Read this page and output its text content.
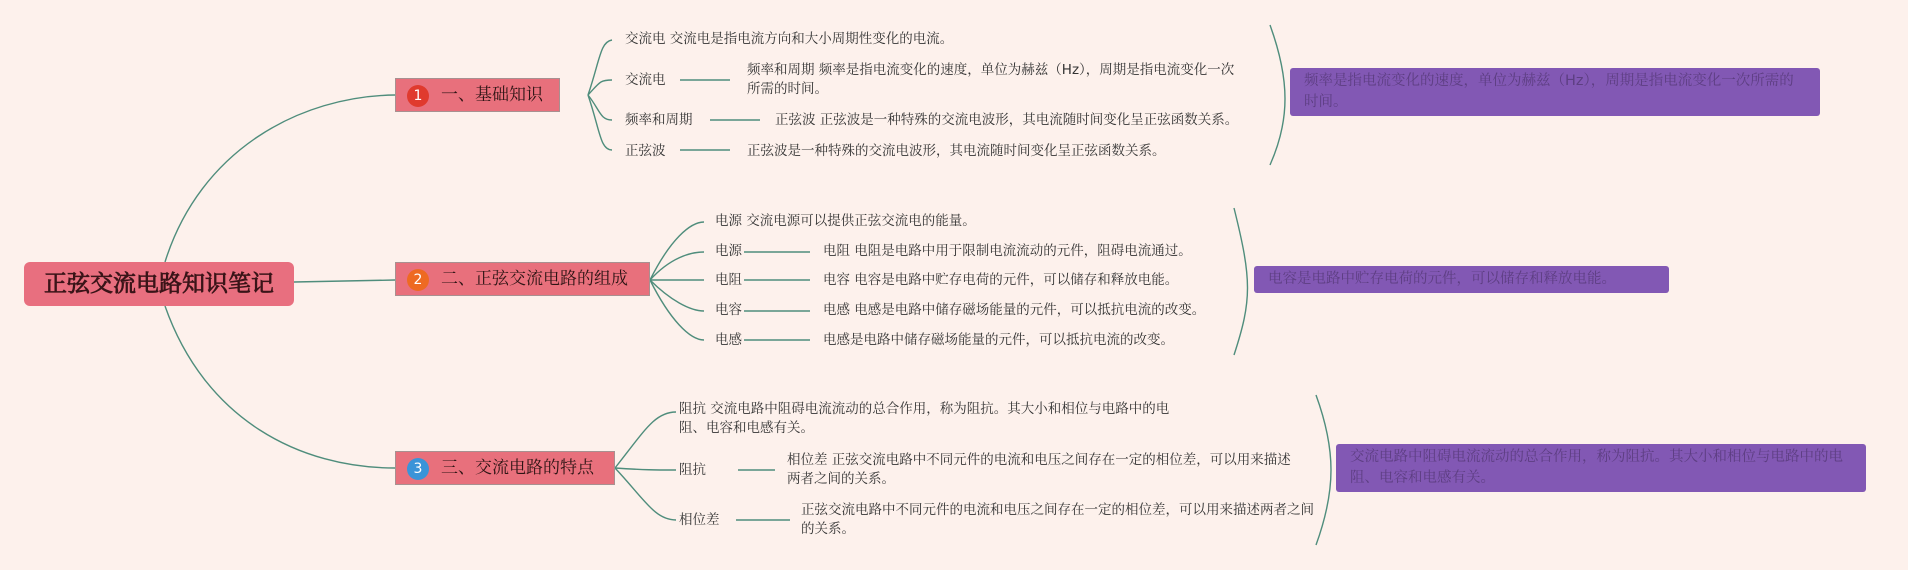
正弦交流电路知识笔记
1	一、基础知识
交流电 交流电是指电流方向和大小周期性变化的电流。
交流电
频率和周期 频率是指电流变化的速度，单位为赫兹（Hz），周期是指电流变化一次所需的时间。
频率和周期	正弦波 正弦波是一种特殊的交流电波形，其电流随时间变化呈正弦函数关系。
正弦波	正弦波是一种特殊的交流电波形，其电流随时间变化呈正弦函数关系。
频率是指电流变化的速度，单位为赫兹（Hz），周期是指电流变化一次所需的时间。
2	二、正弦交流电路的组成
电源 交流电源可以提供正弦交流电的能量。
电源	电阻 电阻是电路中用于限制电流流动的元件，阻碍电流通过。
电阻	电容 电容是电路中贮存电荷的元件，可以储存和释放电能。
电容	电感 电感是电路中储存磁场能量的元件，可以抵抗电流的改变。
电感	电感是电路中储存磁场能量的元件，可以抵抗电流的改变。
电容是电路中贮存电荷的元件，可以储存和释放电能。
3	三、交流电路的特点
阻抗 交流电路中阻碍电流流动的总合作用，称为阻抗。其大小和相位与电路中的电阻、电容和电感有关。
阻抗
相位差 正弦交流电路中不同元件的电流和电压之间存在一定的相位差，可以用来描述两者之间的关系。
相位差
正弦交流电路中不同元件的电流和电压之间存在一定的相位差，可以用来描述两者之间的关系。
交流电路中阻碍电流流动的总合作用，称为阻抗。其大小和相位与电路中的电阻、电容和电感有关。
